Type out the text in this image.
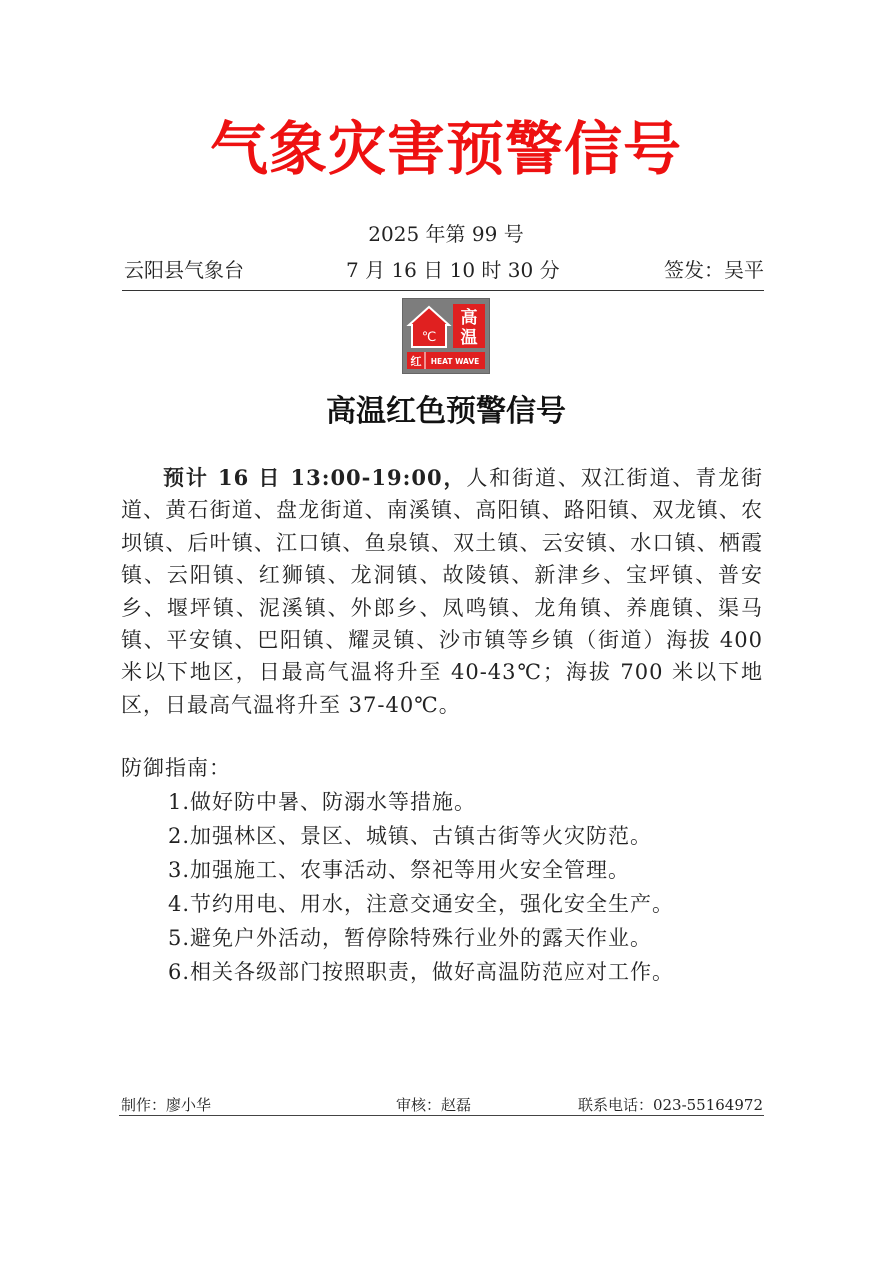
气象灾害预警信号
2025 年第 99 号
云阳县气象台	7 月 16 日 10 时 30 分	签发：吴平
℃
高
温
红 HEAT WAVE
高温红色预警信号

预计 16 日 13:00-19:00，人和街道、双江街道、青龙街道、黄石街道、盘龙街道、南溪镇、高阳镇、路阳镇、双龙镇、农坝镇、后叶镇、江口镇、鱼泉镇、双土镇、云安镇、水口镇、栖霞镇、云阳镇、红狮镇、龙洞镇、故陵镇、新津乡、宝坪镇、普安乡、堰坪镇、泥溪镇、外郎乡、凤鸣镇、龙角镇、养鹿镇、渠马镇、平安镇、巴阳镇、耀灵镇、沙市镇等乡镇（街道）海拔 400 米以下地区，日最高气温将升至 40-43℃；海拔 700 米以下地区，日最高气温将升至 37-40℃。

防御指南：
1.做好防中暑、防溺水等措施。
2.加强林区、景区、城镇、古镇古街等火灾防范。
3.加强施工、农事活动、祭祀等用火安全管理。
4.节约用电、用水，注意交通安全，强化安全生产。
5.避免户外活动，暂停除特殊行业外的露天作业。
6.相关各级部门按照职责，做好高温防范应对工作。
制作：廖小华	审核：赵磊	联系电话：023-55164972
